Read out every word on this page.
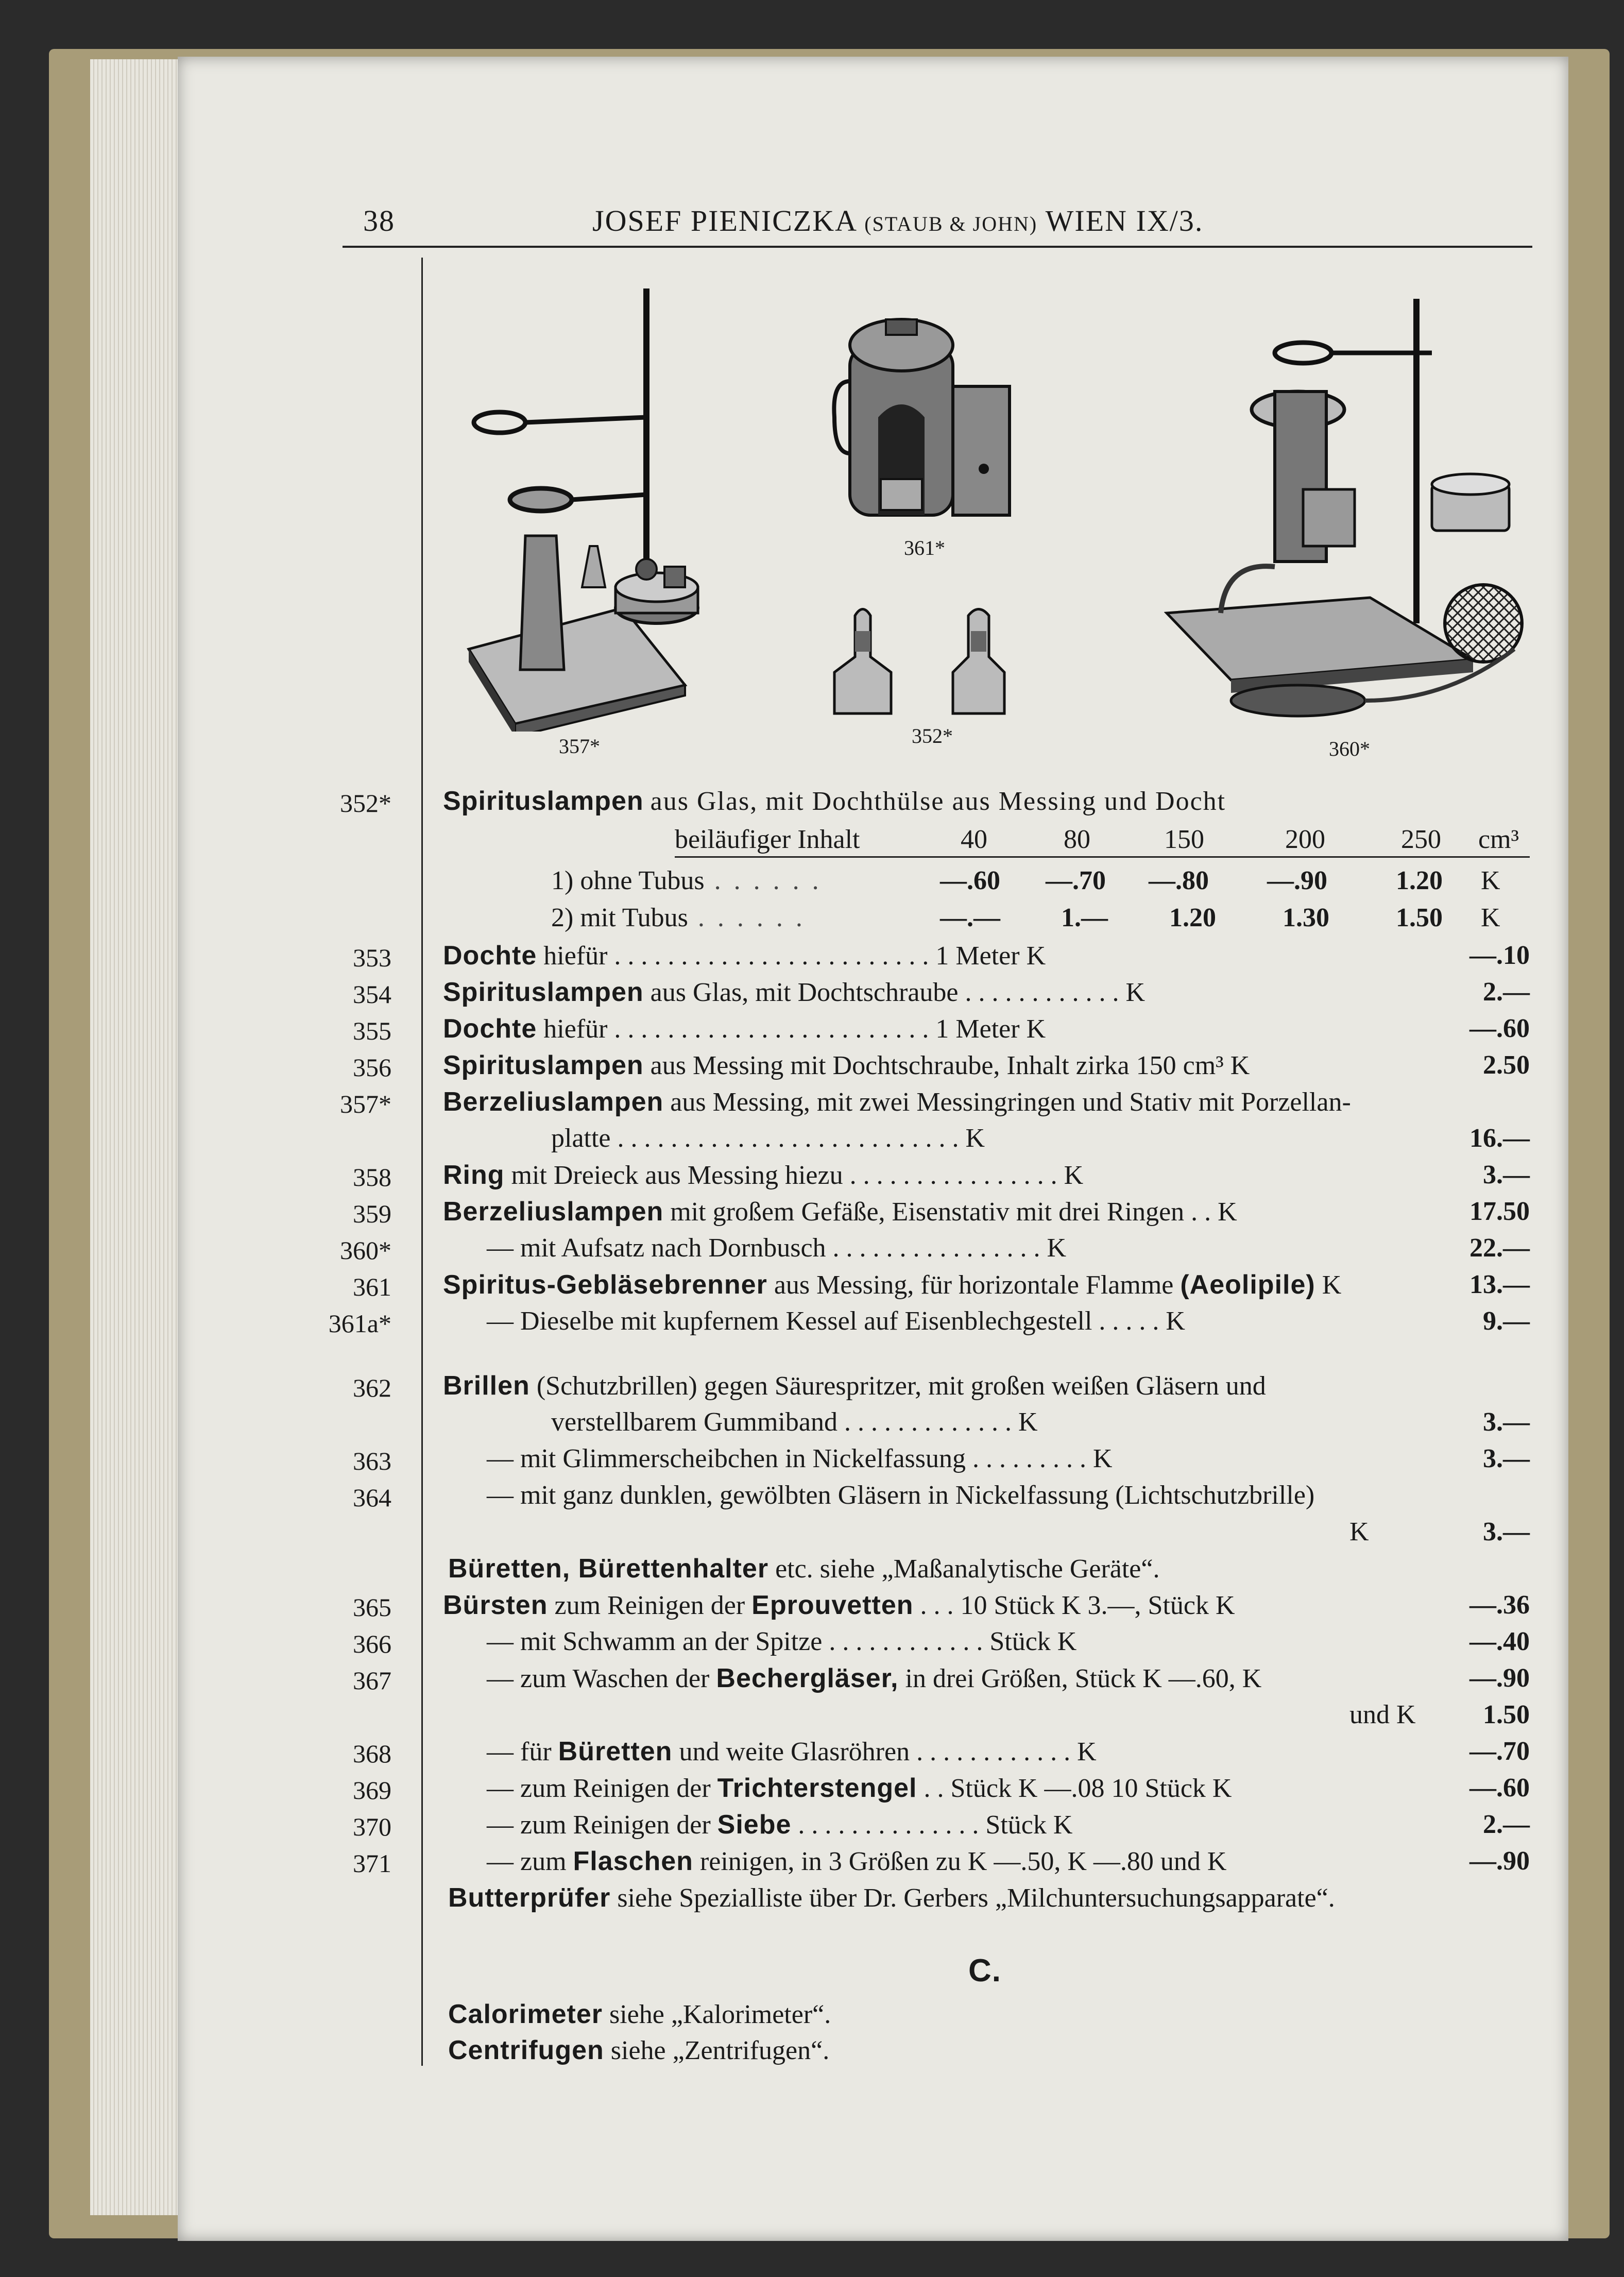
38	JOSEF PIENICZKA (STAUB & JOHN) WIEN IX/3.
361*
352*
357*	360*
352* Spirituslampen aus Glas, mit Dochthülse aus Messing und Docht
beiläufiger Inhalt	40	80	150	200	250 cm³
1) ohne Tubus . . . . . .	—.60 —.70 —.80 —.90	1.20 K
2) mit Tubus . . . . . .	—.— 1.— 1.20 1.30 1.50 K
353 Dochte hiefür . . . . . . . . . . . . . . . . . . . . . . . . 1 Meter K	—.10
354 Spirituslampen aus Glas, mit Dochtschraube . . . . . . . . . . . . K	2.—
355 Dochte hiefür . . . . . . . . . . . . . . . . . . . . . . . . 1 Meter K	—.60
356 Spirituslampen aus Messing mit Dochtschraube, Inhalt zirka 150 cm³ K	2.50
357* Berzeliuslampen aus Messing, mit zwei Messingringen und Stativ mit Porzellan-
platte . . . . . . . . . . . . . . . . . . . . . . . . . . K	16.—
358 Ring mit Dreieck aus Messing hiezu . . . . . . . . . . . . . . . . K	3.—
359 Berzeliuslampen mit großem Gefäße, Eisenstativ mit drei Ringen . . K	17.50
360*	— mit Aufsatz nach Dornbusch . . . . . . . . . . . . . . . . K	22.—
361 Spiritus-Gebläsebrenner aus Messing, für horizontale Flamme (Aeolipile) K	13.—
361a*	— Dieselbe mit kupfernem Kessel auf Eisenblechgestell . . . . . K	9.—
362 Brillen (Schutzbrillen) gegen Säurespritzer, mit großen weißen Gläsern und
verstellbarem Gummiband . . . . . . . . . . . . . K	3.—
363	— mit Glimmerscheibchen in Nickelfassung . . . . . . . . . K	3.—
364	— mit ganz dunklen, gewölbten Gläsern in Nickelfassung (Lichtschutzbrille)
K	3.—
Büretten, Bürettenhalter etc. siehe „Maßanalytische Geräte“.
365 Bürsten zum Reinigen der Eprouvetten . . . 10 Stück K 3.—, Stück K	—.36
366	— mit Schwamm an der Spitze . . . . . . . . . . . . Stück K	—.40
367	— zum Waschen der Bechergläser, in drei Größen, Stück K —.60, K	—.90
und K	1.50
368	— für Büretten und weite Glasröhren . . . . . . . . . . . . K	—.70
369	— zum Reinigen der Trichterstengel . . Stück K —.08 10 Stück K	—.60
370	— zum Reinigen der Siebe . . . . . . . . . . . . . . Stück K	2.—
371	— zum Flaschen reinigen, in 3 Größen zu K —.50, K —.80 und K	—.90
Butterprüfer siehe Spezialliste über Dr. Gerbers „Milchuntersuchungsapparate“.
C.
Calorimeter siehe „Kalorimeter“.
Centrifugen siehe „Zentrifugen“.
